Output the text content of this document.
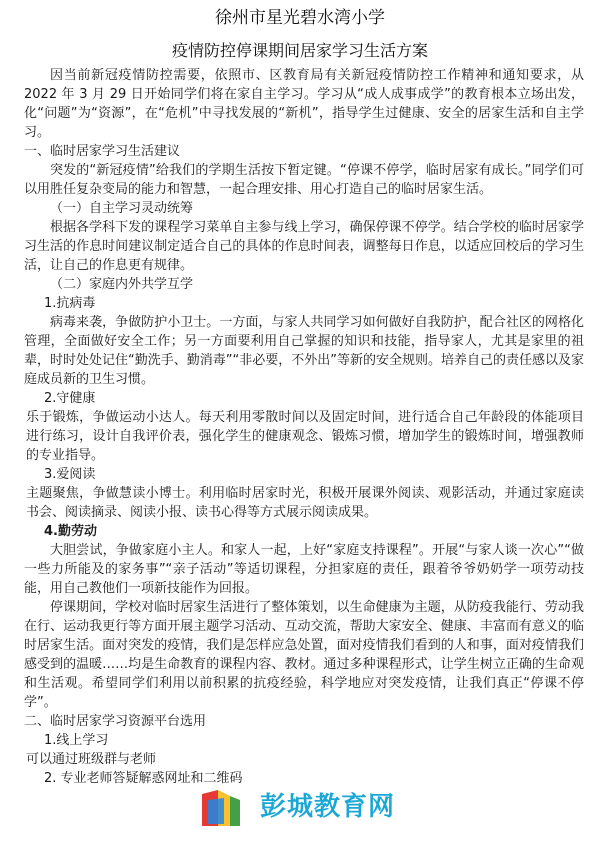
徐州市星光碧水湾小学
疫情防控停课期间居家学习生活方案

因当前新冠疫情防控需要，依照市、区教育局有关新冠疫情防控工作精神和通知要求，从 2022 年 3 月 29 日开始同学们将在家自主学习。学习从“成人成事成学”的教育根本立场出发，化“问题”为“资源”，在“危机”中寻找发展的“新机”，指导学生过健康、安全的居家生活和自主学习。

一、临时居家学习生活建议

突发的“新冠疫情”给我们的学期生活按下暂定键。“停课不停学，临时居家有成长。”同学们可以用胜任复杂变局的能力和智慧，一起合理安排、用心打造自己的临时居家生活。

（一）自主学习灵动统筹

根据各学科下发的课程学习菜单自主参与线上学习，确保停课不停学。结合学校的临时居家学习生活的作息时间建议制定适合自己的具体的作息时间表，调整每日作息，以适应回校后的学习生活，让自己的作息更有规律。

（二）家庭内外共学互学

1.抗病毒

病毒来袭，争做防护小卫士。一方面，与家人共同学习如何做好自我防护，配合社区的网格化管理，全面做好安全工作；另一方面要利用自己掌握的知识和技能，指导家人，尤其是家里的祖辈，时时处处记住“勤洗手、勤消毒”“非必要，不外出”等新的安全规则。培养自己的责任感以及家庭成员新的卫生习惯。

2.守健康

乐于锻炼，争做运动小达人。每天利用零散时间以及固定时间，进行适合自己年龄段的体能项目进行练习，设计自我评价表，强化学生的健康观念、锻炼习惯，增加学生的锻炼时间，增强教师的专业指导。

3.爱阅读

主题聚焦，争做慧读小博士。利用临时居家时光，积极开展课外阅读、观影活动，并通过家庭读书会、阅读摘录、阅读小报、读书心得等方式展示阅读成果。

4.勤劳动

大胆尝试，争做家庭小主人。和家人一起，上好“家庭支持课程”。开展“与家人谈一次心”“做一些力所能及的家务事”“亲子活动”等适切课程，分担家庭的责任，跟着爷爷奶奶学一项劳动技能，用自己教他们一项新技能作为回报。

停课期间，学校对临时居家生活进行了整体策划，以生命健康为主题，从防疫我能行、劳动我在行、运动我更行等方面开展主题学习活动、互动交流，帮助大家安全、健康、丰富而有意义的临时居家生活。面对突发的疫情，我们是怎样应急处置，面对疫情我们看到的人和事，面对疫情我们感受到的温暖……均是生命教育的课程内容、教材。通过多种课程形式，让学生树立正确的生命观和生活观。希望同学们利用以前积累的抗疫经验，科学地应对突发疫情，让我们真正“停课不停学”。

二、临时居家学习资源平台选用

1.线上学习

可以通过班级群与老师

2. 专业老师答疑解惑网址和二维码

彭城教育网
